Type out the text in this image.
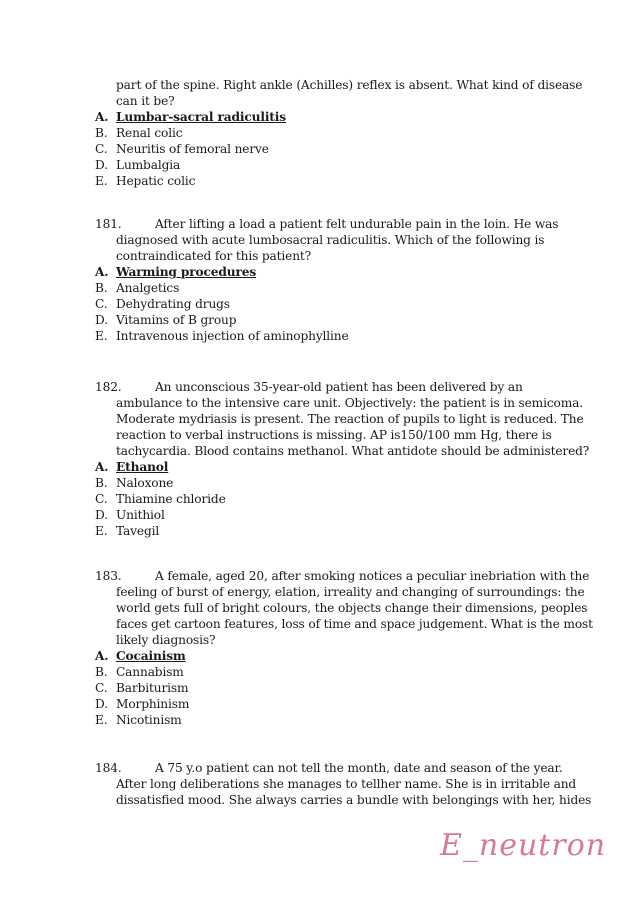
part of the spine. Right ankle (Achilles) reflex is absent. What kind of disease
can it be?
A. Lumbar-sacral radiculitis
B. Renal colic
C. Neuritis of femoral nerve
D. Lumbalgia
E. Hepatic colic
181.	After lifting a load a patient felt undurable pain in the loin. He was
diagnosed with acute lumbosacral radiculitis. Which of the following is
contraindicated for this patient?
A. Warming procedures
B. Analgetics
C. Dehydrating drugs
D. Vitamins of B group
E. Intravenous injection of aminophylline
182.	An unconscious 35-year-old patient has been delivered by an
ambulance to the intensive care unit. Objectively: the patient is in semicoma.
Moderate mydriasis is present. The reaction of pupils to light is reduced. The
reaction to verbal instructions is missing. AP is150/100 mm Hg, there is
tachycardia. Blood contains methanol. What antidote should be administered?
A. Ethanol
B. Naloxone
C. Thiamine chloride
D. Unithiol
E. Tavegil
183.	A female, aged 20, after smoking notices a peculiar inebriation with the
feeling of burst of energy, elation, irreality and changing of surroundings: the
world gets full of bright colours, the objects change their dimensions, peoples
faces get cartoon features, loss of time and space judgement. What is the most
likely diagnosis?
A. Cocainism
B. Cannabism
C. Barbiturism
D. Morphinism
E. Nicotinism
184.	A 75 y.o patient can not tell the month, date and season of the year.
After long deliberations she manages to tellher name. She is in irritable and
dissatisfied mood. She always carries a bundle with belongings with her, hides
E_neutron
